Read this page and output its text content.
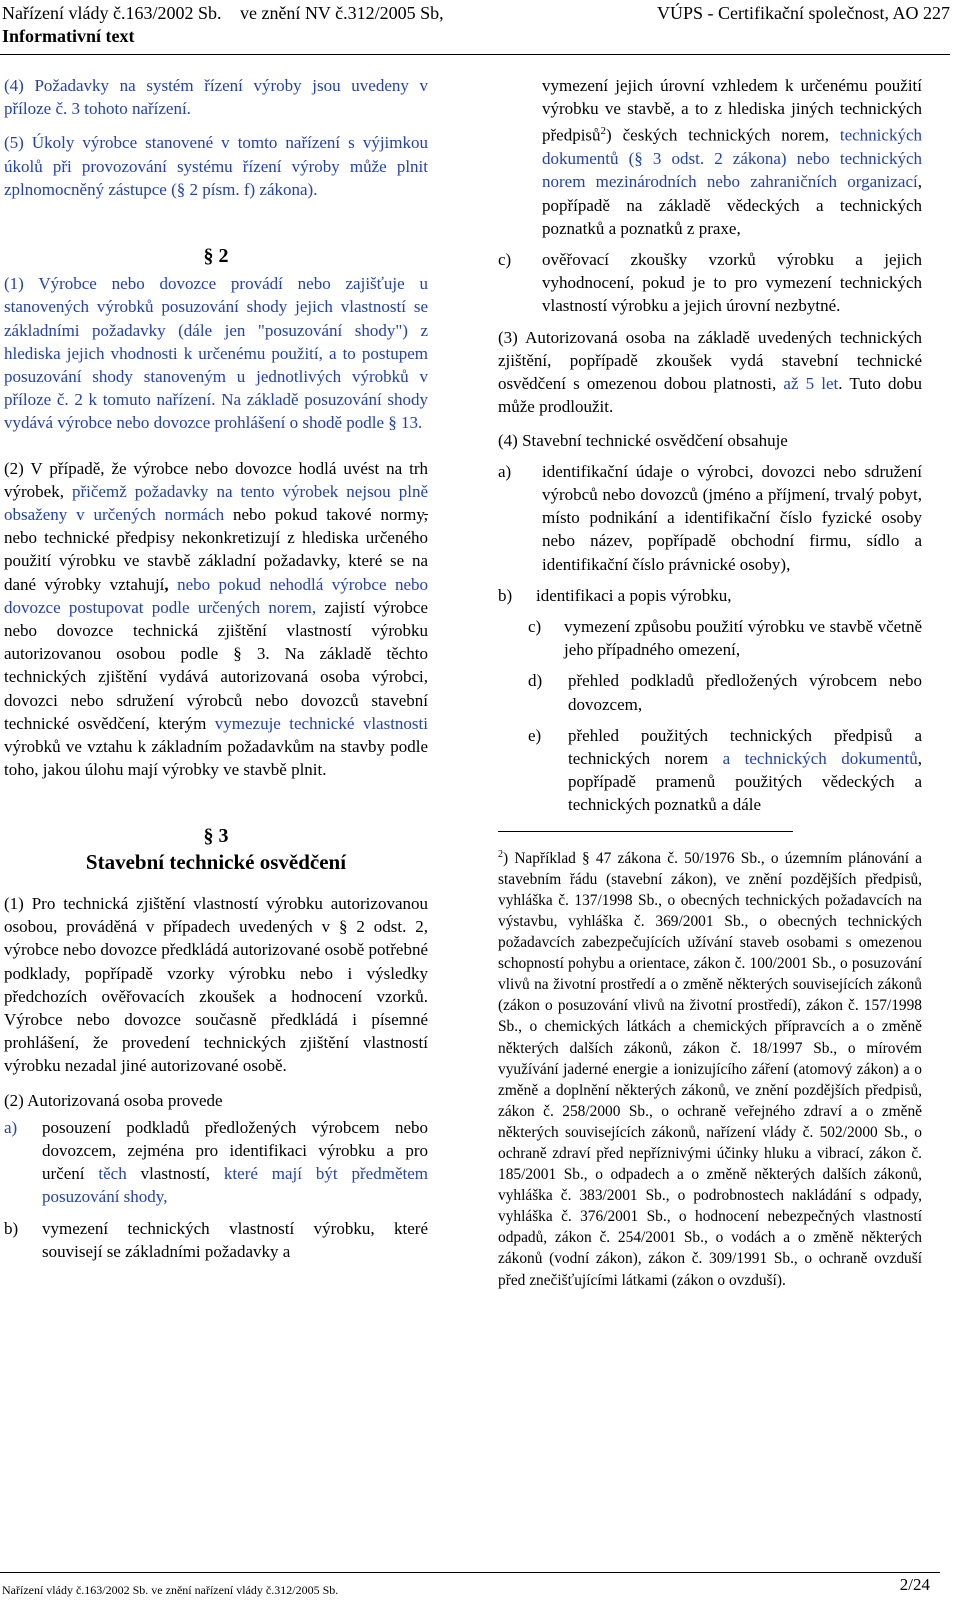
Nařízení vlády č.163/2002 Sb. ve znění NV č.312/2005 Sb,	VÚPS - Certifikační společnost, AO 227
Informativní text

(4) Požadavky na systém řízení výroby jsou uvedeny v příloze č. 3 tohoto nařízení.

(5) Úkoly výrobce stanovené v tomto nařízení s výjimkou úkolů při provozování systému řízení výroby může plnit zplnomocněný zástupce (§ 2 písm. f) zákona).

§ 2

(1) Výrobce nebo dovozce provádí nebo zajišťuje u stanovených výrobků posuzování shody jejich vlastností se základními požadavky (dále jen "posuzování shody") z hlediska jejich vhodnosti k určenému použití, a to postupem posuzování shody stanoveným u jednotlivých výrobků v příloze č. 2 k tomuto nařízení. Na základě posuzování shody vydává výrobce nebo dovozce prohlášení o shodě podle § 13.

(2) V případě, že výrobce nebo dovozce hodlá uvést na trh výrobek, přičemž požadavky na tento výrobek nejsou plně obsaženy v určených normách nebo pokud takové normy, nebo technické předpisy nekonkretizují z hlediska určeného použití výrobku ve stavbě základní požadavky, které se na dané výrobky vztahují, nebo pokud nehodlá výrobce nebo dovozce postupovat podle určených norem, zajistí výrobce nebo dovozce technická zjištění vlastností výrobku autorizovanou osobou podle § 3. Na základě těchto technických zjištění vydává autorizovaná osoba výrobci, dovozci nebo sdružení výrobců nebo dovozců stavební technické osvědčení, kterým vymezuje technické vlastnosti výrobků ve vztahu k základním požadavkům na stavby podle toho, jakou úlohu mají výrobky ve stavbě plnit.

§ 3

Stavební technické osvědčení

(1) Pro technická zjištění vlastností výrobku autorizovanou osobou, prováděná v případech uvedených v § 2 odst. 2, výrobce nebo dovozce předkládá autorizované osobě potřebné podklady, popřípadě vzorky výrobku nebo i výsledky předchozích ověřovacích zkoušek a hodnocení vzorků. Výrobce nebo dovozce současně předkládá i písemné prohlášení, že provedení technických zjištění vlastností výrobku nezadal jiné autorizované osobě.

(2) Autorizovaná osoba provede

a)	posouzení podkladů předložených výrobcem nebo dovozcem, zejména pro identifikaci výrobku a pro určení těch vlastností, které mají být předmětem posuzování shody,
b)	vymezení technických vlastností výrobku, které souvisejí se základními požadavky a
vymezení jejich úrovní vzhledem k určenému použití výrobku ve stavbě, a to z hlediska jiných technických předpisů$^2$) českých technických norem, technických dokumentů (§ 3 odst. 2 zákona) nebo technických norem mezinárodních nebo zahraničních organizací, popřípadě na základě vědeckých a technických poznatků a poznatků z praxe,
c)	ověřovací zkoušky vzorků výrobku a jejich vyhodnocení, pokud je to pro vymezení technických vlastností výrobku a jejich úrovní nezbytné.

(3) Autorizovaná osoba na základě uvedených technických zjištění, popřípadě zkoušek vydá stavební technické osvědčení s omezenou dobou platnosti, až 5 let. Tuto dobu může prodloužit.

(4) Stavební technické osvědčení obsahuje

a)	identifikační údaje o výrobci, dovozci nebo sdružení výrobců nebo dovozců (jméno a příjmení, trvalý pobyt, místo podnikání a identifikační číslo fyzické osoby nebo název, popřípadě obchodní firmu, sídlo a identifikační číslo právnické osoby),
b)	identifikaci a popis výrobku,
c)	vymezení způsobu použití výrobku ve stavbě včetně jeho případného omezení,
d)	přehled podkladů předložených výrobcem nebo dovozcem,
e)	přehled použitých technických předpisů a technických norem a technických dokumentů, popřípadě pramenů použitých vědeckých a technických poznatků a dále

$^2$) Například § 47 zákona č. 50/1976 Sb., o územním plánování a stavebním řádu (stavební zákon), ve znění pozdějších předpisů, vyhláška č. 137/1998 Sb., o obecných technických požadavcích na výstavbu, vyhláška č. 369/2001 Sb., o obecných technických požadavcích zabezpečujících užívání staveb osobami s omezenou schopností pohybu a orientace, zákon č. 100/2001 Sb., o posuzování vlivů na životní prostředí a o změně některých souvisejících zákonů (zákon o posuzování vlivů na životní prostředí), zákon č. 157/1998 Sb., o chemických látkách a chemických přípravcích a o změně některých dalších zákonů, zákon č. 18/1997 Sb., o mírovém využívání jaderné energie a ionizujícího záření (atomový zákon) a o změně a doplnění některých zákonů, ve znění pozdějších předpisů, zákon č. 258/2000 Sb., o ochraně veřejného zdraví a o změně některých souvisejících zákonů, nařízení vlády č. 502/2000 Sb., o ochraně zdraví před nepříznivými účinky hluku a vibrací, zákon č. 185/2001 Sb., o odpadech a o změně některých dalších zákonů, vyhláška č. 383/2001 Sb., o podrobnostech nakládání s odpady, vyhláška č. 376/2001 Sb., o hodnocení nebezpečných vlastností odpadů, zákon č. 254/2001 Sb., o vodách a o změně některých zákonů (vodní zákon), zákon č. 309/1991 Sb., o ochraně ovzduší před znečišťujícími látkami (zákon o ovzduší).

Nařízení vlády č.163/2002 Sb. ve znění nařízení vlády č.312/2005 Sb.	2/24
